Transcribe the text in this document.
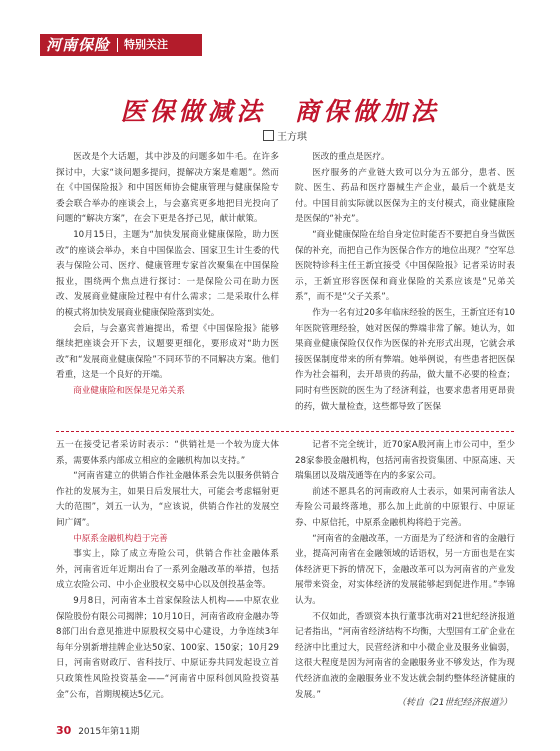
河南保险 特别关注
医保做减法　商保做加法
王方琪

医改是个大话题，其中涉及的问题多如牛毛。在许多探讨中，大家“谈问题多提问，提解决方案是难题”。然而在《中国保险报》和中国医师协会健康管理与健康保险专委会联合举办的座谈会上，与会嘉宾更多地把目光投向了问题的“解决方案”，在会下更是各抒己见，献计献策。

10月15日，主题为“加快发展商业健康保险，助力医改”的座谈会举办，来自中国保监会、国家卫生计生委的代表与保险公司、医疗、健康管理专家首次聚集在中国保险报业，围绕两个焦点进行探讨：一是保险公司在助力医改、发展商业健康险过程中有什么需求；二是采取什么样的模式将加快发展商业健康保险落到实处。

会后，与会嘉宾普遍提出，希望《中国保险报》能够继续把座谈会开下去，议题要更细化，要形成对“助力医改”和“发展商业健康保险”不同环节的不同解决方案。他们看重，这是一个良好的开端。

商业健康险和医保是兄弟关系

医改的重点是医疗。

医疗服务的产业链大致可以分为五部分，患者、医院、医生、药品和医疗器械生产企业，最后一个就是支付。中国目前实际就以医保为主的支付模式，商业健康险是医保的“补充”。

“商业健康保险在给自身定位时能否不要把自身当做医保的补充，而把自己作为医保合作方的地位出现？”空军总医院特诊科主任王新宜接受《中国保险报》记者采访时表示，王新宜形容医保和商业保险的关系应该是“兄弟关系”，而不是“父子关系”。

作为一名有过20多年临床经验的医生，王新宜还有10年医院管理经验，她对医保的弊端非常了解。她认为，如果商业健康保险仅仅作为医保的补充形式出现，它就会承接医保制度带来的所有弊端。她举例说，有些患者把医保作为社会福利，去开昂贵的药品，做大量不必要的检查；同时有些医院的医生为了经济利益，也要求患者用更昂贵的药，做大量检查，这些都导致了医保

五一在接受记者采访时表示：“供销社是一个较为庞大体系，需要体系内部成立相应的金融机构加以支持。”

“河南省建立的供销合作社金融体系会先以服务供销合作社的发展为主，如果日后发展壮大，可能会考虑辐射更大的范围”，刘五一认为，“应该说，供销合作社的发展空间广阔”。

中原系金融机构趋于完善

事实上，除了成立寿险公司，供销合作社金融体系外，河南省近年近期出台了一系列金融改革的举措，包括成立农险公司、中小企业股权交易中心以及创投基金等。

9月8日，河南省本土首家保险法人机构——中原农业保险股份有限公司揭牌；10月10日，河南省政府金融办等8部门出台意见推进中原股权交易中心建设，力争连续3年每年分别新增挂牌企业达50家、100家、150家；10月29日，河南省财政厅、省科技厅、中原证券共同发起设立首只政策性风险投资基金——“河南省中原科创风险投资基金”公布，首期规模达5亿元。

记者不完全统计，近70家A股河南上市公司中，至少28家参股金融机构，包括河南省投资集团、中原高速、天瑞集团以及瑞茂通等在内的多家公司。

前述不愿具名的河南政府人士表示，如果河南省法人寿险公司最终落地，那么加上此前的中原银行、中原证券、中原信托，中原系金融机构将趋于完善。

“河南省的金融改革，一方面是为了经济和省的金融行业，提高河南省在金融领域的话语权，另一方面也是在实体经济更下拆的情况下，金融改革可以为河南省的产业发展带来资金，对实体经济的发展能够起到促进作用。”李锦认为。

不仅如此，香颂资本执行董事沈萌对21世纪经济报道记者指出，“河南省经济结构不均衡，大型国有工矿企业在经济中比重过大，民营经济和中小微企业及服务业偏弱，这很大程度是因为河南省的金融服务业不够发达，作为现代经济血液的金融服务业不发达就会制约整体经济健康的发展。”

（转自《21世纪经济报道》）
30 2015年第11期
